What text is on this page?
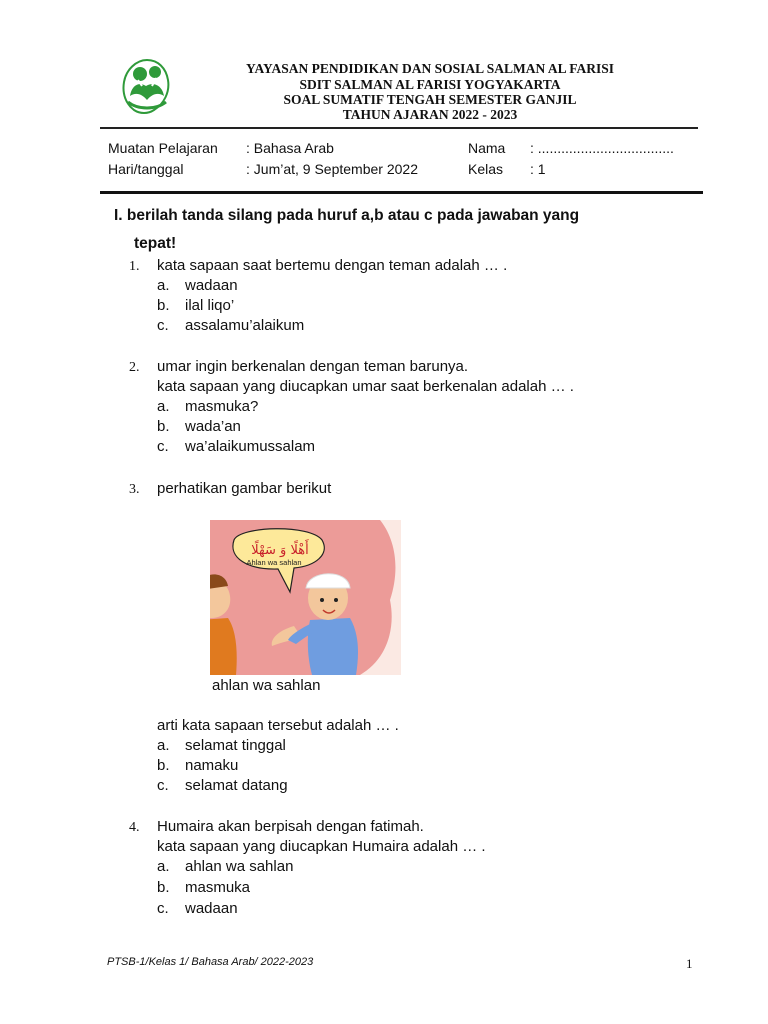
YAYASAN PENDIDIKAN DAN SOSIAL SALMAN AL FARISI
SDIT SALMAN AL FARISI YOGYAKARTA
SOAL SUMATIF TENGAH SEMESTER GANJIL
TAHUN AJARAN 2022 - 2023
Muatan Pelajaran : Bahasa Arab
Hari/tanggal	: Jum’at, 9 September 2022
Nama : ...................................
Kelas : 1
I. berilah tanda silang pada huruf a,b atau c pada jawaban yang
tepat!
1. kata sapaan saat bertemu dengan teman adalah … .
a. wadaan
b. ilal liqo’
c. assalamu’alaikum
2. umar ingin berkenalan dengan teman barunya.
kata sapaan yang diucapkan umar saat berkenalan adalah … .
a. masmuka?
b. wada’an
c. wa’alaikumussalam
3. perhatikan gambar berikut
أَهْلًا وَ سَهْلًا
Ahlan wa sahlan
ahlan wa sahlan
arti kata sapaan tersebut adalah … .
a. selamat tinggal
b. namaku
c. selamat datang
4. Humaira akan berpisah dengan fatimah.
kata sapaan yang diucapkan Humaira adalah … .
a. ahlan wa sahlan
b. masmuka
c. wadaan
PTSB-1/Kelas 1/ Bahasa Arab/ 2022-2023	1
